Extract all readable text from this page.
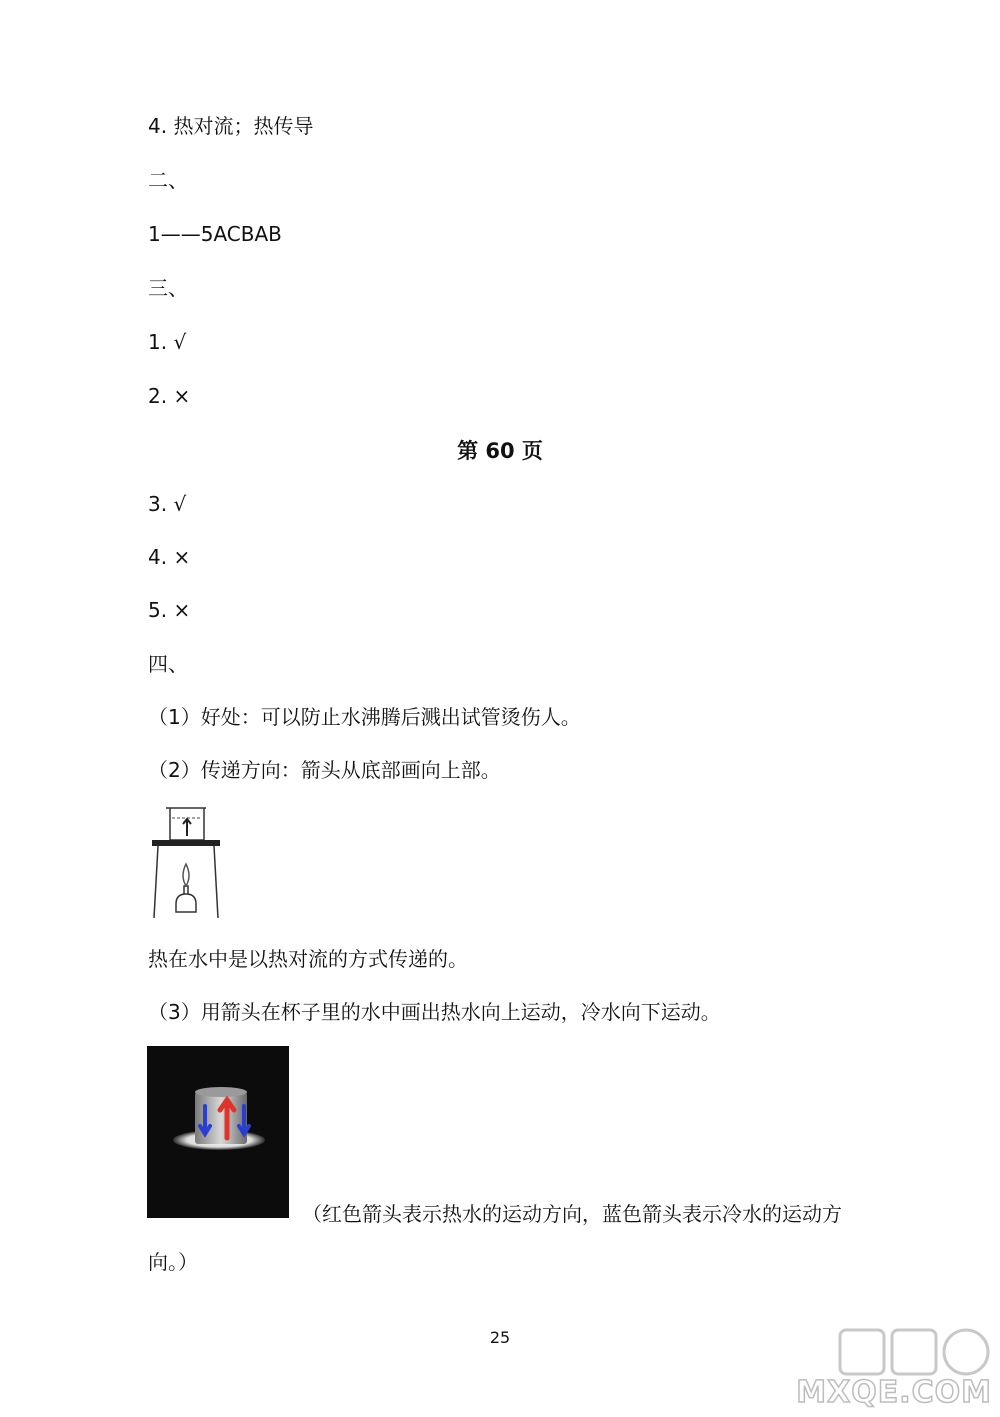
4. 热对流；热传导
二、
1——5ACBAB
三、
1. √
2. ×
第 60 页
3. √
4. ×
5. ×
四、
（1）好处：可以防止水沸腾后溅出试管烫伤人。
（2）传递方向：箭头从底部画向上部。
热在水中是以热对流的方式传递的。
（3）用箭头在杯子里的水中画出热水向上运动，冷水向下运动。
（红色箭头表示热水的运动方向，蓝色箭头表示冷水的运动方
向。）
25
MXQE.COM
